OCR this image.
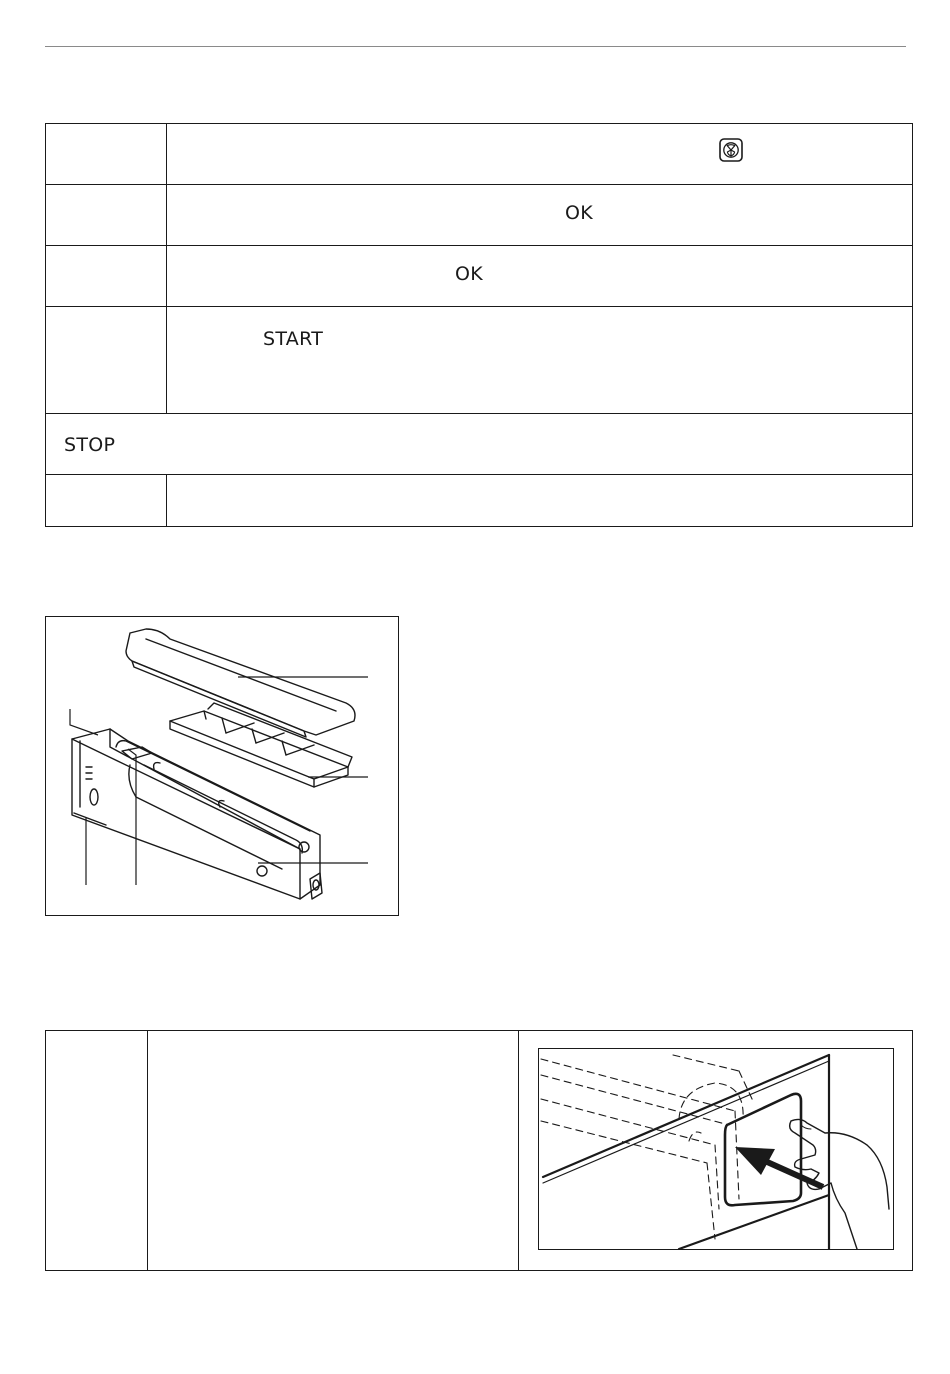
	OK

	OK

	START

STOP	
